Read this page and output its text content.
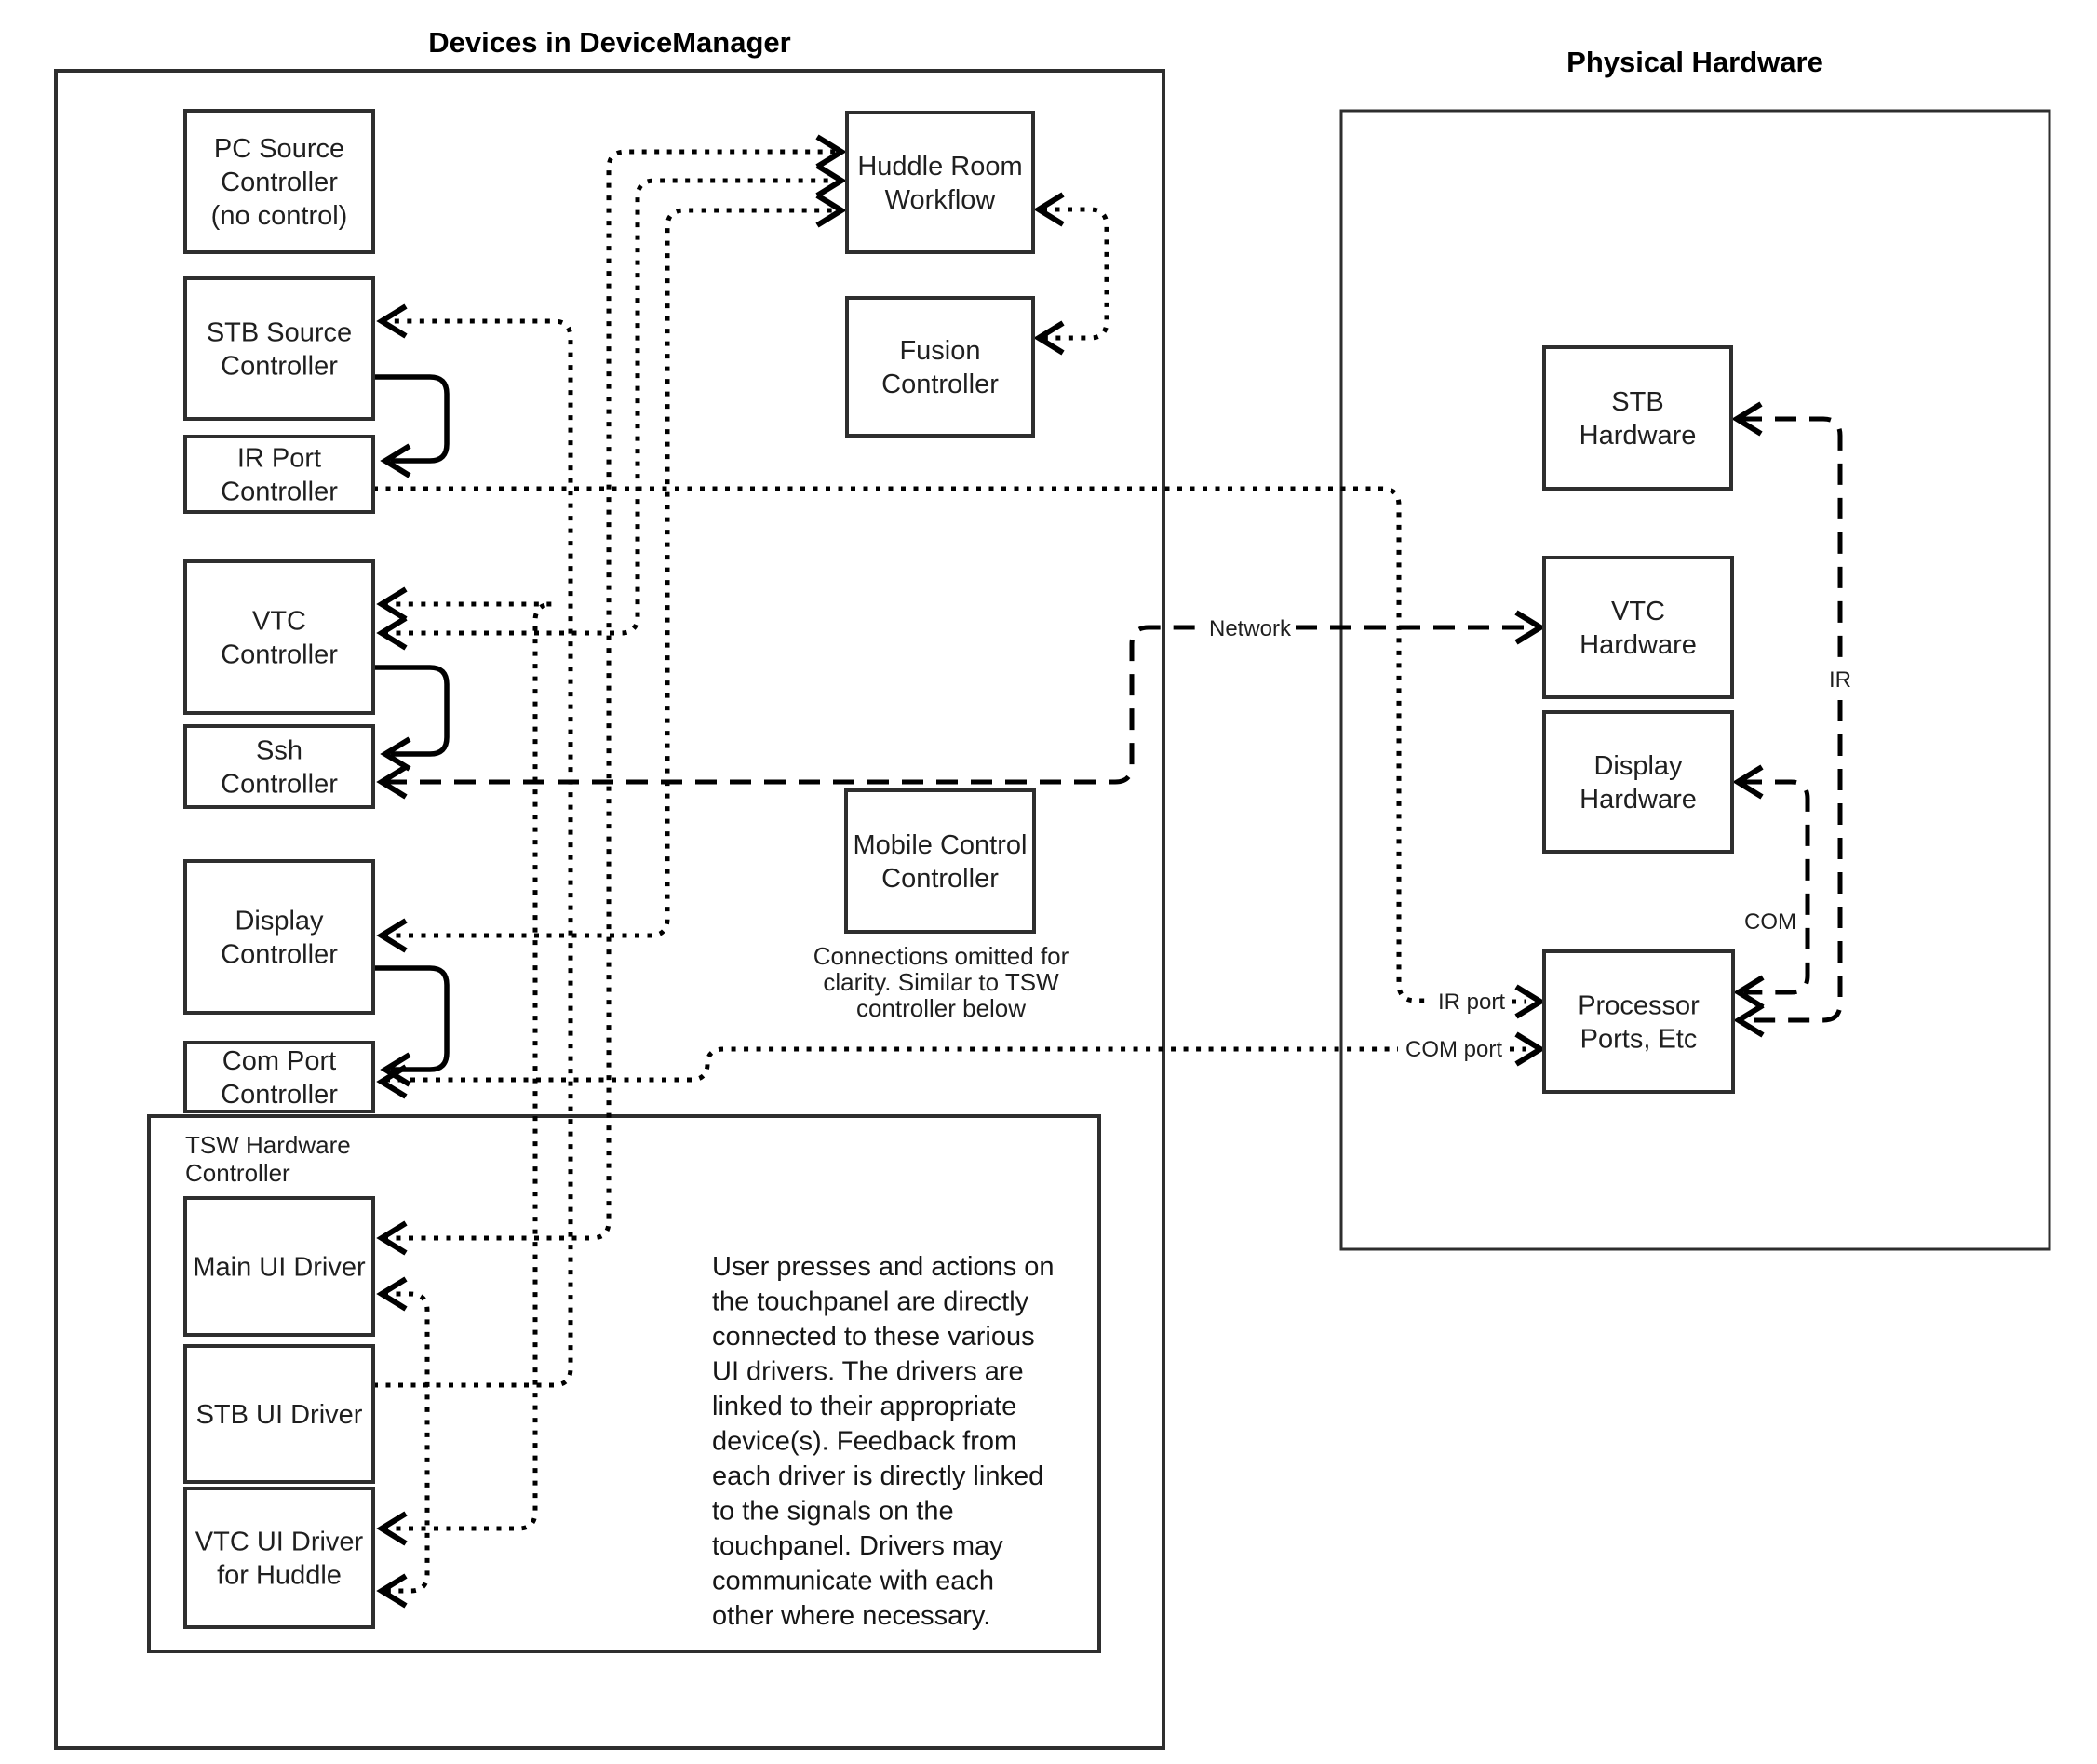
Devices in DeviceManager
Physical Hardware
PC Source Controller (no control)
STB Source Controller
IR Port Controller
VTC Controller
Ssh Controller
Display Controller
Com Port Controller
Huddle Room Workflow
Fusion Controller
Mobile Control Controller
Main UI Driver
STB UI Driver
VTC UI Driver for Huddle
STB Hardware
VTC Hardware
Display Hardware
Processor Ports, Etc
Network
IR
COM
IR port
COM port
TSW Hardware
Controller
Connections omitted for
clarity. Similar to TSW
controller below
User presses and actions on
the touchpanel are directly
connected to these various
UI drivers. The drivers are
linked to their appropriate
device(s). Feedback from
each driver is directly linked
to the signals on the
touchpanel. Drivers may
communicate with each
other where necessary.
